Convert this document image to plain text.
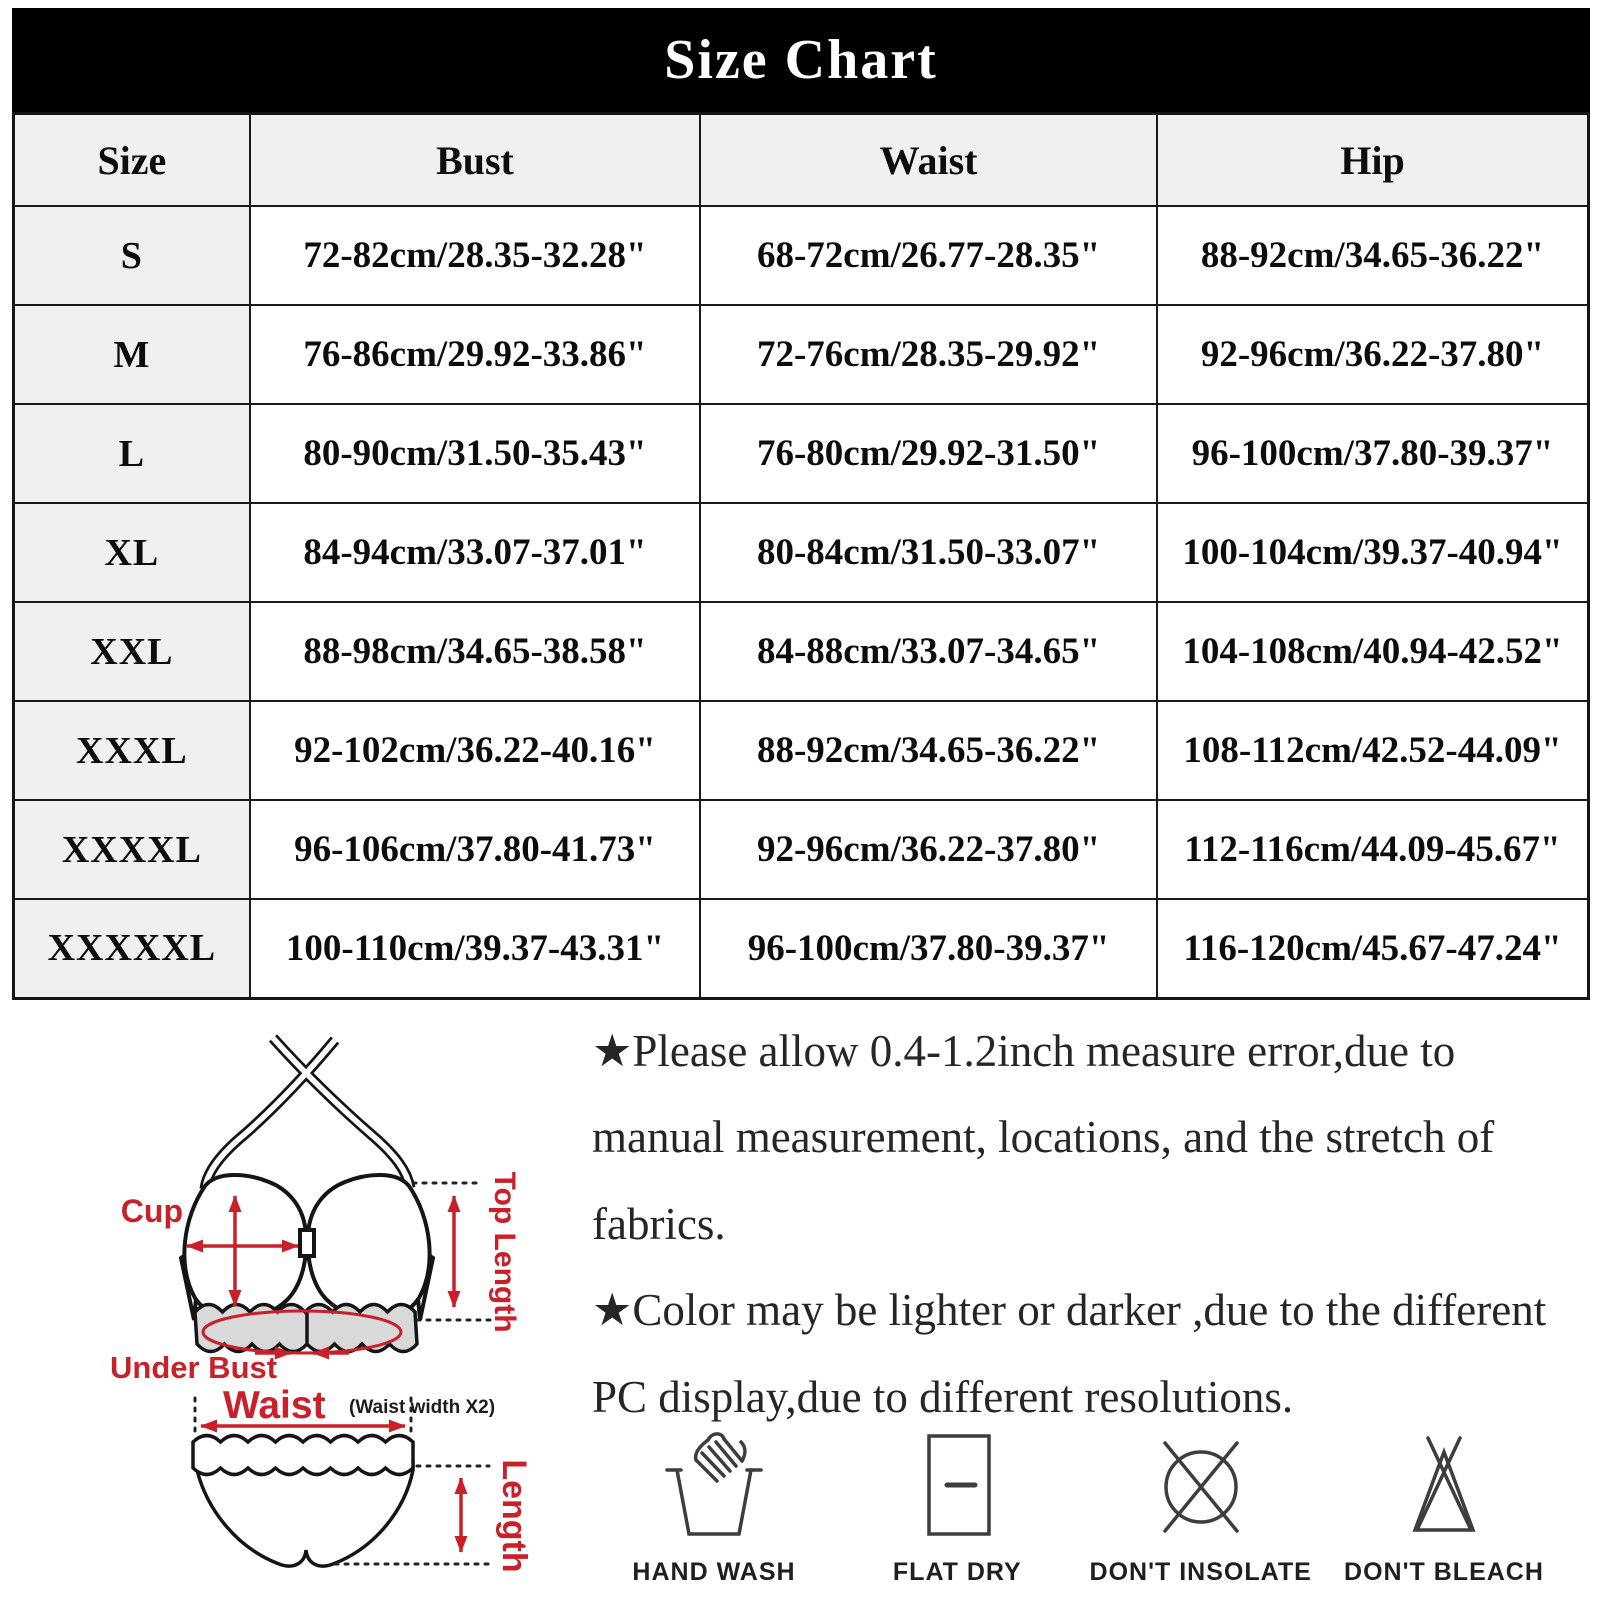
Size Chart
Size	Bust	Waist	Hip
S	72-82cm/28.35-32.28"	68-72cm/26.77-28.35"	88-92cm/34.65-36.22"
M	76-86cm/29.92-33.86"	72-76cm/28.35-29.92"	92-96cm/36.22-37.80"
L	80-90cm/31.50-35.43"	76-80cm/29.92-31.50"	96-100cm/37.80-39.37"
XL	84-94cm/33.07-37.01"	80-84cm/31.50-33.07"	100-104cm/39.37-40.94"
XXL	88-98cm/34.65-38.58"	84-88cm/33.07-34.65"	104-108cm/40.94-42.52"
XXXL	92-102cm/36.22-40.16"	88-92cm/34.65-36.22"	108-112cm/42.52-44.09"
XXXXL	96-106cm/37.80-41.73"	92-96cm/36.22-37.80"	112-116cm/44.09-45.67"
XXXXXL	100-110cm/39.37-43.31"	96-100cm/37.80-39.37"	116-120cm/45.67-47.24"
Cup	Top Length
Under Bust
Waist
Length
(Waist width X2)

★Please allow 0.4-1.2inch measure error,due to manual measurement, locations, and the stretch of fabrics.

★Color may be lighter or darker ,due to the different PC display,due to different resolutions.

HAND WASH	FLAT DRY	DON'T INSOLATE DON'T BLEACH
